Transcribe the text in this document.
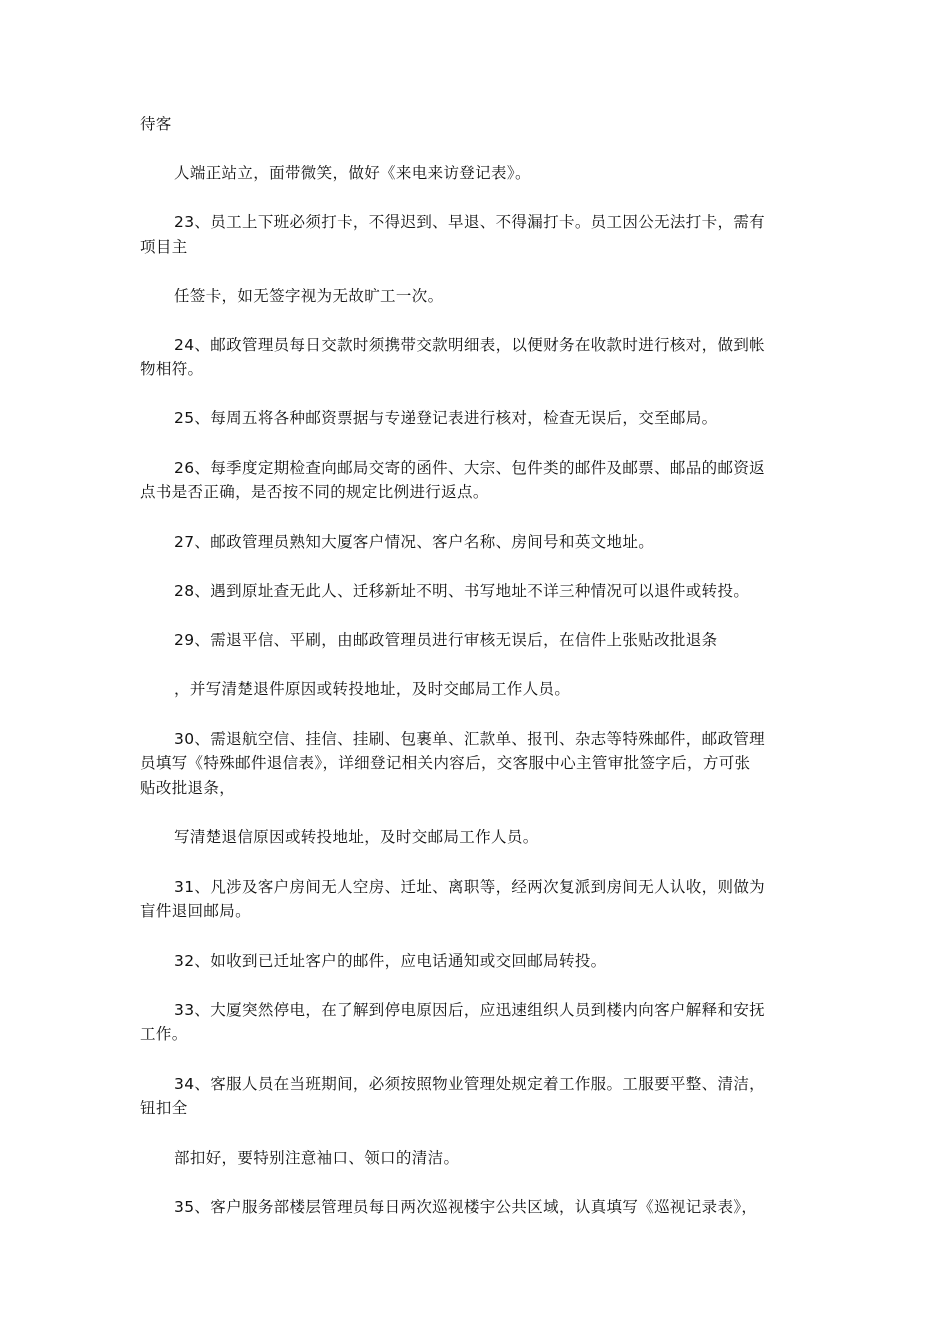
待客
人端正站立，面带微笑，做好《来电来访登记表》。
23、员工上下班必须打卡，不得迟到、早退、不得漏打卡。员工因公无法打卡，需有
项目主
任签卡，如无签字视为无故旷工一次。
24、邮政管理员每日交款时须携带交款明细表，以便财务在收款时进行核对，做到帐
物相符。
25、每周五将各种邮资票据与专递登记表进行核对，检查无误后，交至邮局。
26、每季度定期检查向邮局交寄的函件、大宗、包件类的邮件及邮票、邮品的邮资返
点书是否正确，是否按不同的规定比例进行返点。
27、邮政管理员熟知大厦客户情况、客户名称、房间号和英文地址。
28、遇到原址查无此人、迁移新址不明、书写地址不详三种情况可以退件或转投。
29、需退平信、平刷，由邮政管理员进行审核无误后，在信件上张贴改批退条
，并写清楚退件原因或转投地址，及时交邮局工作人员。
30、需退航空信、挂信、挂刷、包裹单、汇款单、报刊、杂志等特殊邮件，邮政管理
员填写《特殊邮件退信表》，详细登记相关内容后，交客服中心主管审批签字后，方可张
贴改批退条，
写清楚退信原因或转投地址，及时交邮局工作人员。
31、凡涉及客户房间无人空房、迁址、离职等，经两次复派到房间无人认收，则做为
盲件退回邮局。
32、如收到已迁址客户的邮件，应电话通知或交回邮局转投。
33、大厦突然停电，在了解到停电原因后，应迅速组织人员到楼内向客户解释和安抚
工作。
34、客服人员在当班期间，必须按照物业管理处规定着工作服。工服要平整、清洁，
钮扣全
部扣好，要特别注意袖口、领口的清洁。
35、客户服务部楼层管理员每日两次巡视楼宇公共区域，认真填写《巡视记录表》，
